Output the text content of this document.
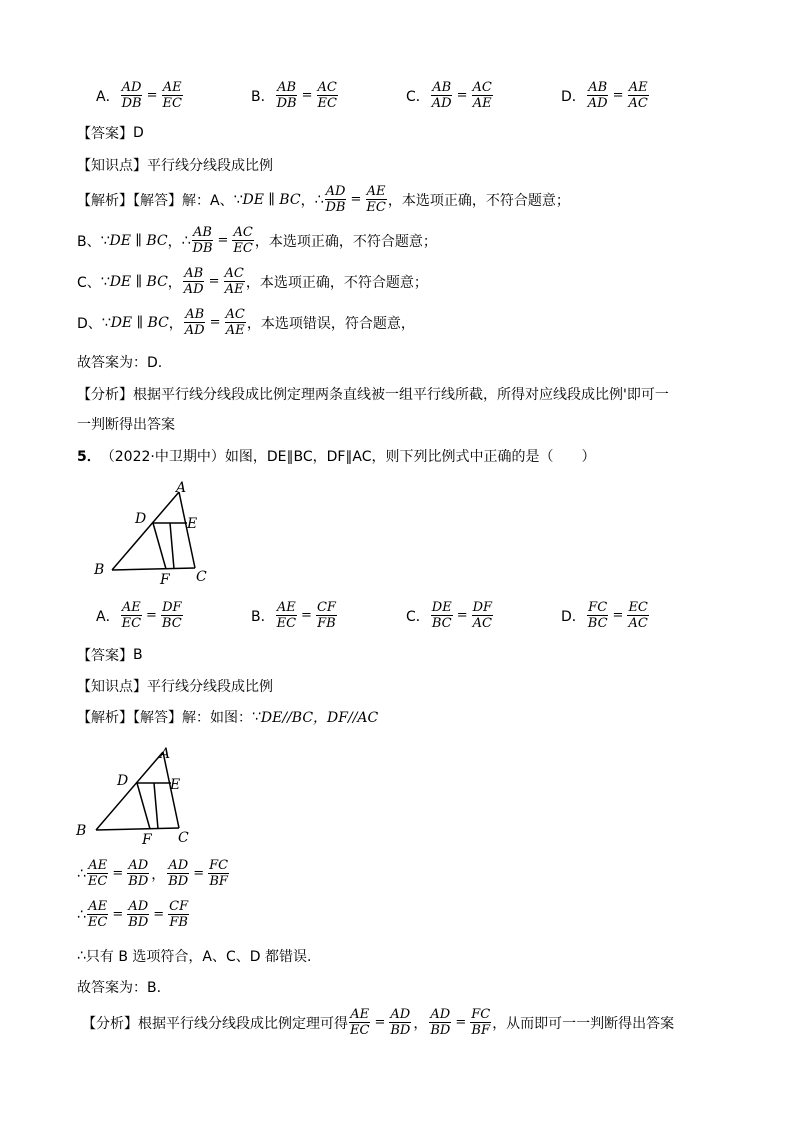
A． $\frac{AD}{DB} = \frac{AE}{EC}$	B． $\frac{AB}{DB} = \frac{AC}{EC}$	C． $\frac{AB}{AD} = \frac{AC}{AE}$	D． $\frac{AB}{AD} = \frac{AE}{AC}$
【答案】 D
【知识点】 平行线分线段成比例
【解析】【解答】解：A、 ∵ DE ∥ BC ， ∴ $\frac{AD}{DB} = \frac{AE}{EC}$ ，本选项正确，不符合题意；
B、 ∵ DE ∥ BC ， ∴ $\frac{AB}{DB} = \frac{AC}{EC}$ ，本选项正确，不符合题意；
C、 ∵ DE ∥ BC ， $\frac{AB}{AD} = \frac{AC}{AE}$ ，本选项正确，不符合题意；
D、 ∵ DE ∥ BC ， $\frac{AB}{AD} = \frac{AC}{AE}$ ，本选项错误，符合题意，
故答案为：D.
【分析】 根据平行线分线段成比例定理两条直线被一组平行线所截，所得对应线段成比例'即可一
一判断得出答案
5． （2022·中卫期中） 如图，DE∥BC，DF∥AC，则下列比例式中正确的是（　　）
A
D	E
B
F C
A． $\frac{AE}{EC} = \frac{DF}{BC}$	B． $\frac{AE}{EC} = \frac{CF}{FB}$	C． $\frac{DE}{BC} = \frac{DF}{AC}$	D． $\frac{FC}{BC} = \frac{EC}{AC}$
【答案】 B
【知识点】 平行线分线段成比例
【解析】【解答】解：如图： ∵ DE//BC，DF//AC
A
D	E
B
F C
∴ $\frac{AE}{EC} = \frac{AD}{BD}$ ， $\frac{AD}{BD} = \frac{FC}{BF}$
∴ $\frac{AE}{EC} = \frac{AD}{BD} = \frac{CF}{FB}$
∴ 只有 B 选项符合，A、C、D 都错误.
故答案为：B.
【分析】 根据平行线分线段成比例定理可得 $\frac{AE}{EC} = \frac{AD}{BD}$ ， $\frac{AD}{BD} = \frac{FC}{BF}$ ，从而即可一一判断得出答案
